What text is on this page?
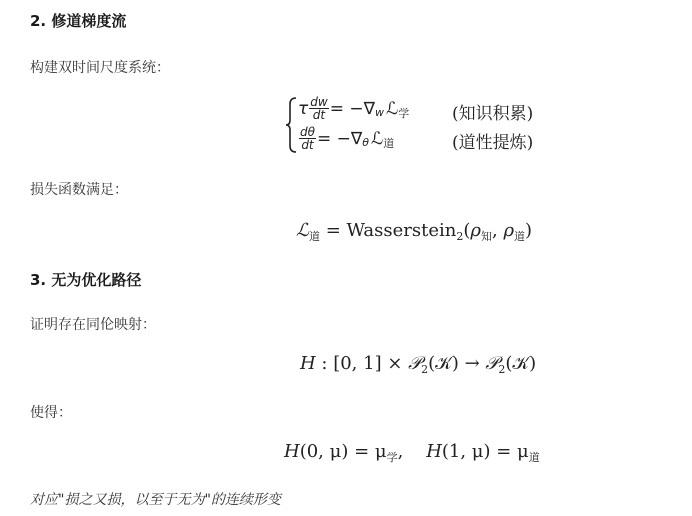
2. 修道梯度流
构建双时间尺度系统：
τ $\frac{dw}{dt}$ = −∇ w ℒ 学	(知识积累)
$\frac{d\theta}{dt}$ = −∇ θ ℒ 道	(道性提炼)
损失函数满足：
ℒ$_道$ = $Wasserstein_2(\rho_知$, $\rho_道$)
3. 无为优化路径
证明存在同伦映射：
H : [0, 1] × 𝒫$_2$(𝒦) → 𝒫$_2$(𝒦)
使得：
H(0, $\mu) = \mu_学$,    H(1, $\mu) = \mu_道$
对应"损之又损，以至于无为"的连续形变
